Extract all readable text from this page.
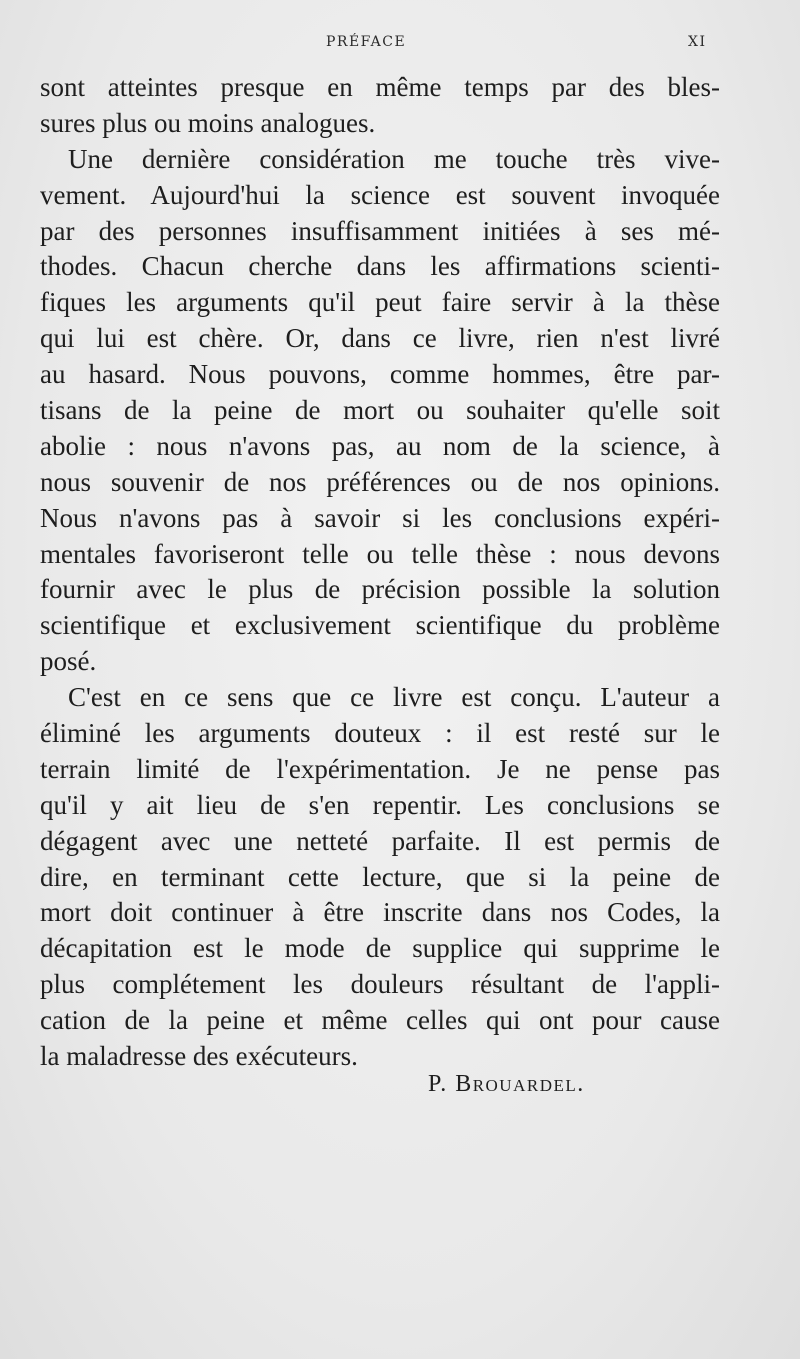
PRÉFACE	XI
sont atteintes presque en même temps par des bles-
sures plus ou moins analogues.
Une dernière considération me touche très vive-
vement. Aujourd'hui la science est souvent invoquée
par des personnes insuffisamment initiées à ses mé-
thodes. Chacun cherche dans les affirmations scienti-
fiques les arguments qu'il peut faire servir à la thèse
qui lui est chère. Or, dans ce livre, rien n'est livré
au hasard. Nous pouvons, comme hommes, être par-
tisans de la peine de mort ou souhaiter qu'elle soit
abolie : nous n'avons pas, au nom de la science, à
nous souvenir de nos préférences ou de nos opinions.
Nous n'avons pas à savoir si les conclusions expéri-
mentales favoriseront telle ou telle thèse : nous devons
fournir avec le plus de précision possible la solution
scientifique et exclusivement scientifique du problème
posé.
C'est en ce sens que ce livre est conçu. L'auteur a
éliminé les arguments douteux : il est resté sur le
terrain limité de l'expérimentation. Je ne pense pas
qu'il y ait lieu de s'en repentir. Les conclusions se
dégagent avec une netteté parfaite. Il est permis de
dire, en terminant cette lecture, que si la peine de
mort doit continuer à être inscrite dans nos Codes, la
décapitation est le mode de supplice qui supprime le
plus complétement les douleurs résultant de l'appli-
cation de la peine et même celles qui ont pour cause
la maladresse des exécuteurs.
P. Brouardel.
